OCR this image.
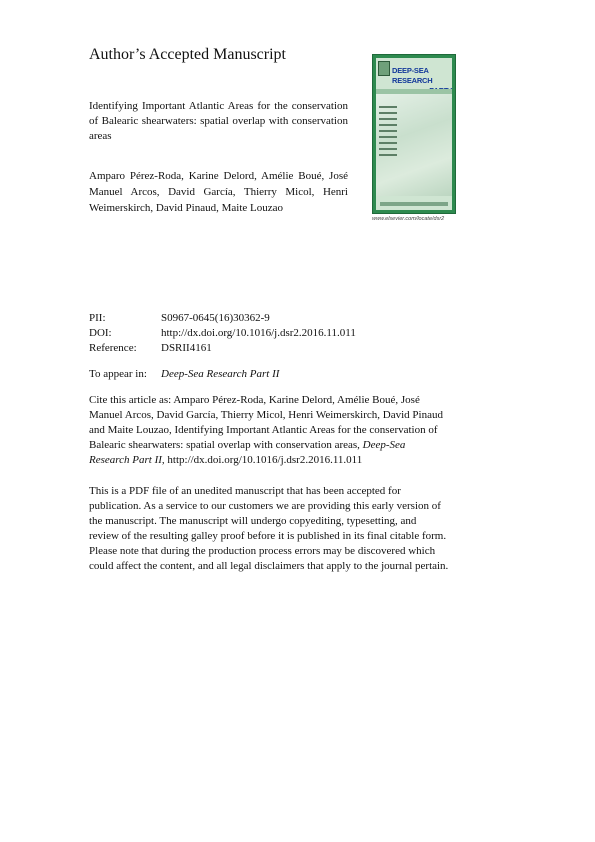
Author’s Accepted Manuscript
Identifying Important Atlantic Areas for the conservation of Balearic shearwaters: spatial overlap with conservation areas
Amparo Pérez-Roda, Karine Delord, Amélie Boué, José Manuel Arcos, David García, Thierry Micol, Henri Weimerskirch, David Pinaud, Maite Louzao
DEEP-SEA RESEARCH
www.elsevier.com/locate/dsr2
PII:	S0967-0645(16)30362-9
DOI:	http://dx.doi.org/10.1016/j.dsr2.2016.11.011
Reference: DSRII4161
To appear in: Deep-Sea Research Part II
Cite this article as: Amparo Pérez-Roda, Karine Delord, Amélie Boué, José
Manuel Arcos, David García, Thierry Micol, Henri Weimerskirch, David Pinaud
and Maite Louzao, Identifying Important Atlantic Areas for the conservation of
Balearic shearwaters: spatial overlap with conservation areas, Deep-Sea
Research Part II, http://dx.doi.org/10.1016/j.dsr2.2016.11.011
This is a PDF file of an unedited manuscript that has been accepted for
publication. As a service to our customers we are providing this early version of
the manuscript. The manuscript will undergo copyediting, typesetting, and
review of the resulting galley proof before it is published in its final citable form.
Please note that during the production process errors may be discovered which
could affect the content, and all legal disclaimers that apply to the journal pertain.
